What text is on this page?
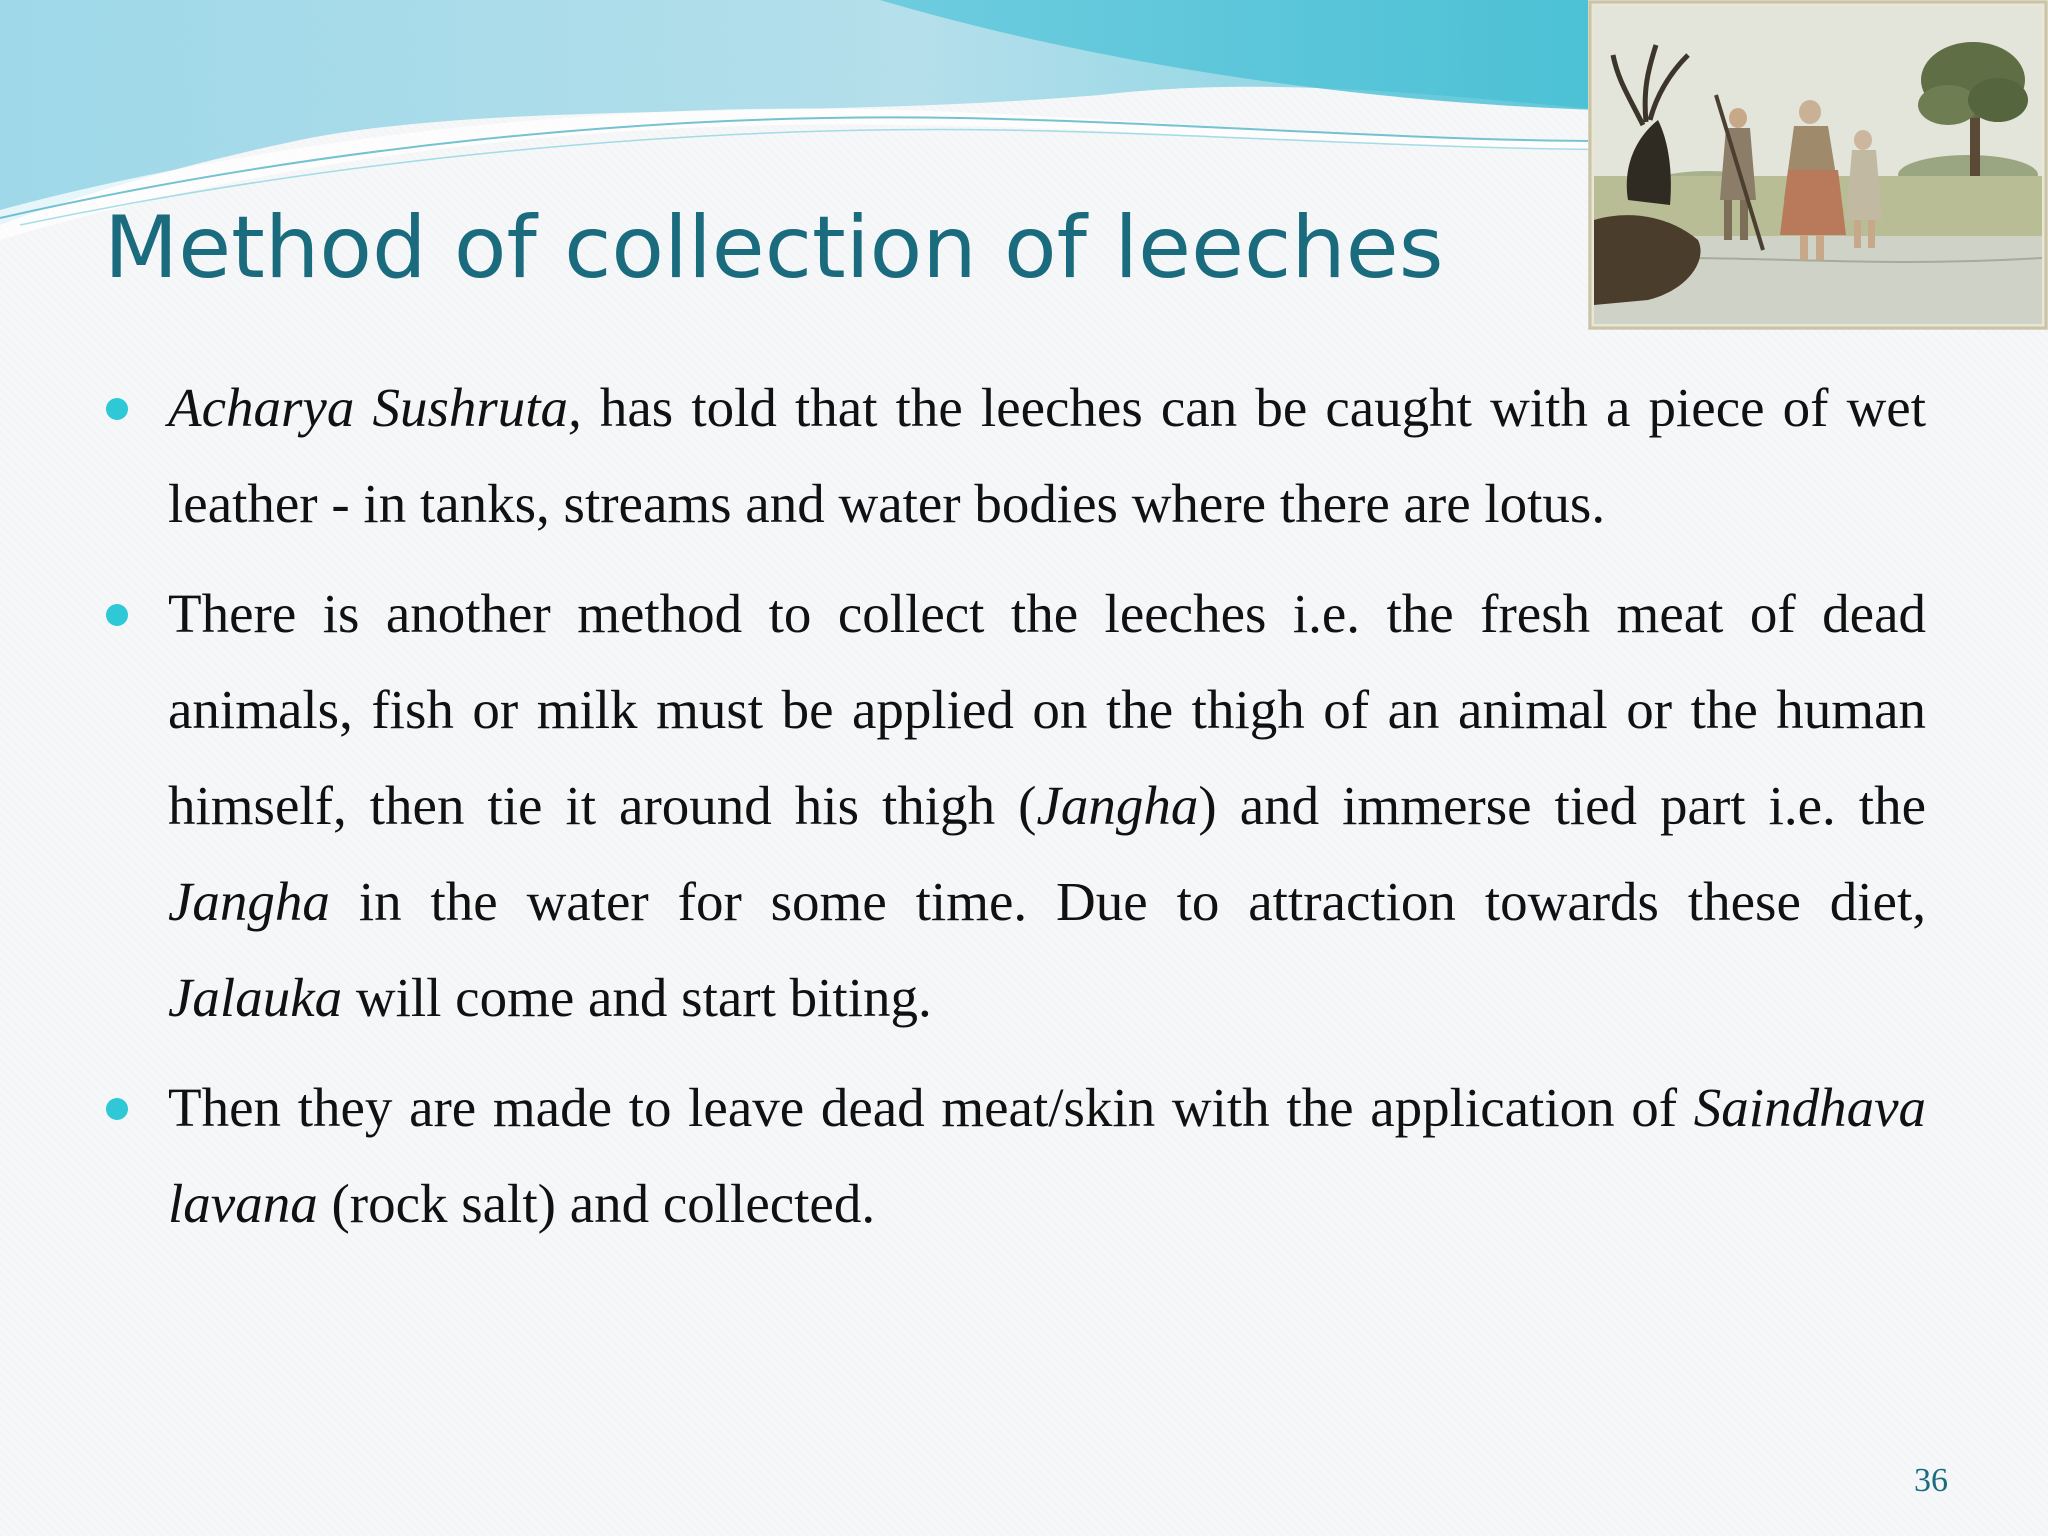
Method of collection of leeches
Acharya Sushruta, has told that the leeches can be caught with a piece of wet leather - in tanks, streams and water bodies where there are lotus.
There is another method to collect the leeches i.e. the fresh meat of dead animals, fish or milk must be applied on the thigh of an animal or the human himself, then tie it around his thigh (Jangha) and immerse tied part i.e. the Jangha in the water for some time. Due to attraction towards these diet, Jalauka will come and start biting.
Then they are made to leave dead meat/skin with the application of Saindhava lavana (rock salt) and collected.
36
